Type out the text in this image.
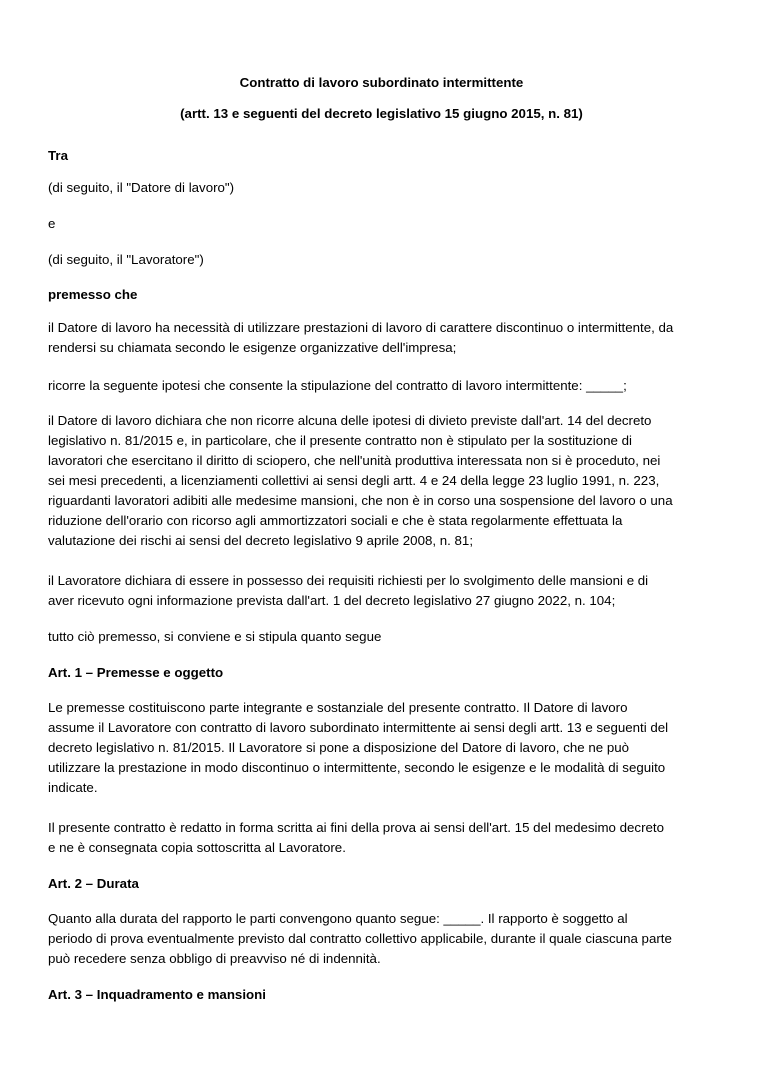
Contratto di lavoro subordinato intermittente

(artt. 13 e seguenti del decreto legislativo 15 giugno 2015, n. 81)

Tra

(di seguito, il "Datore di lavoro")

e

(di seguito, il "Lavoratore")

premesso che

il Datore di lavoro ha necessità di utilizzare prestazioni di lavoro di carattere discontinuo o intermittente, da
rendersi su chiamata secondo le esigenze organizzative dell'impresa;

ricorre la seguente ipotesi che consente la stipulazione del contratto di lavoro intermittente: _____;

il Datore di lavoro dichiara che non ricorre alcuna delle ipotesi di divieto previste dall'art. 14 del decreto
legislativo n. 81/2015 e, in particolare, che il presente contratto non è stipulato per la sostituzione di
lavoratori che esercitano il diritto di sciopero, che nell'unità produttiva interessata non si è proceduto, nei
sei mesi precedenti, a licenziamenti collettivi ai sensi degli artt. 4 e 24 della legge 23 luglio 1991, n. 223,
riguardanti lavoratori adibiti alle medesime mansioni, che non è in corso una sospensione del lavoro o una
riduzione dell'orario con ricorso agli ammortizzatori sociali e che è stata regolarmente effettuata la
valutazione dei rischi ai sensi del decreto legislativo 9 aprile 2008, n. 81;

il Lavoratore dichiara di essere in possesso dei requisiti richiesti per lo svolgimento delle mansioni e di
aver ricevuto ogni informazione prevista dall'art. 1 del decreto legislativo 27 giugno 2022, n. 104;

tutto ciò premesso, si conviene e si stipula quanto segue

Art. 1 – Premesse e oggetto

Le premesse costituiscono parte integrante e sostanziale del presente contratto. Il Datore di lavoro
assume il Lavoratore con contratto di lavoro subordinato intermittente ai sensi degli artt. 13 e seguenti del
decreto legislativo n. 81/2015. Il Lavoratore si pone a disposizione del Datore di lavoro, che ne può
utilizzare la prestazione in modo discontinuo o intermittente, secondo le esigenze e le modalità di seguito
indicate.

Il presente contratto è redatto in forma scritta ai fini della prova ai sensi dell'art. 15 del medesimo decreto
e ne è consegnata copia sottoscritta al Lavoratore.

Art. 2 – Durata

Quanto alla durata del rapporto le parti convengono quanto segue: _____. Il rapporto è soggetto al
periodo di prova eventualmente previsto dal contratto collettivo applicabile, durante il quale ciascuna parte
può recedere senza obbligo di preavviso né di indennità.

Art. 3 – Inquadramento e mansioni
